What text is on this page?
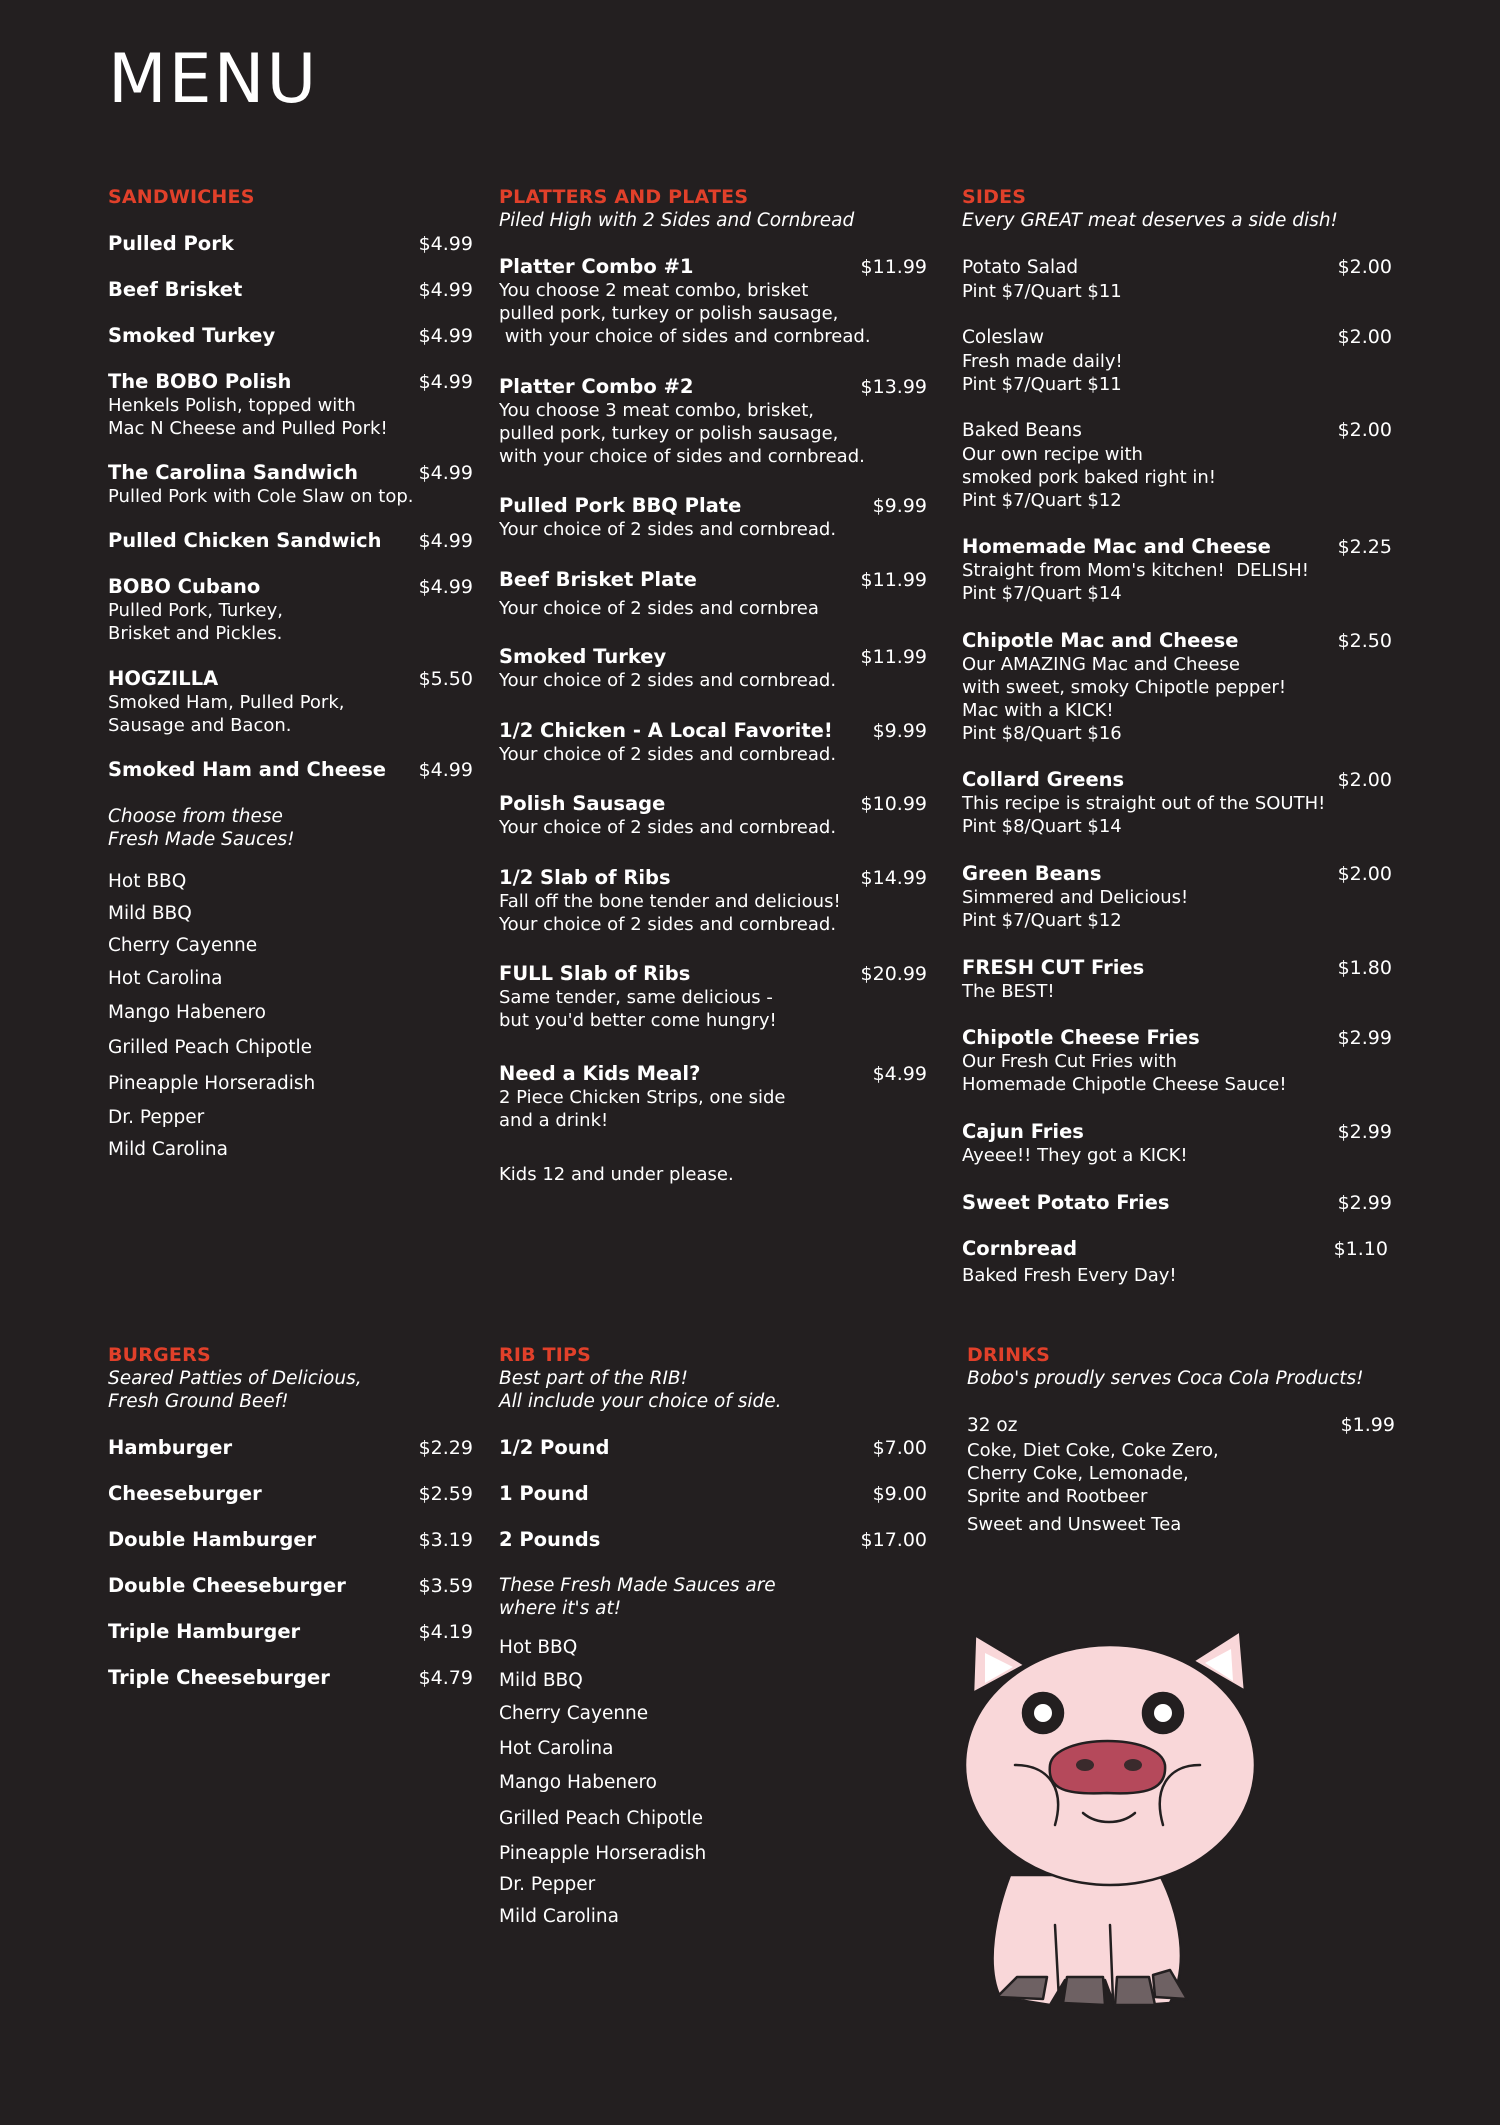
MENU
SANDWICHES
Pulled Pork	$4.99
Beef Brisket	$4.99
Smoked Turkey	$4.99
The BOBO Polish	$4.99
Henkels Polish, topped with
Mac N Cheese and Pulled Pork!
The Carolina Sandwich	$4.99
Pulled Pork with Cole Slaw on top.
Pulled Chicken Sandwich $4.99
BOBO Cubano	$4.99
Pulled Pork, Turkey,
Brisket and Pickles.
HOGZILLA	$5.50
Smoked Ham, Pulled Pork,
Sausage and Bacon.
Smoked Ham and Cheese $4.99
Choose from these
Fresh Made Sauces!
Hot BBQ
Mild BBQ
Cherry Cayenne
Hot Carolina
Mango Habenero
Grilled Peach Chipotle
Pineapple Horseradish
Dr. Pepper
Mild Carolina
PLATTERS AND PLATES
Piled High with 2 Sides and Cornbread
Platter Combo #1	$11.99
You choose 2 meat combo, brisket
pulled pork, turkey or polish sausage,
with your choice of sides and cornbread.
Platter Combo #2	$13.99
You choose 3 meat combo, brisket,
pulled pork, turkey or polish sausage,
with your choice of sides and cornbread.
Pulled Pork BBQ Plate	$9.99
Your choice of 2 sides and cornbread.
Beef Brisket Plate	$11.99
Your choice of 2 sides and cornbrea
Smoked Turkey	$11.99
Your choice of 2 sides and cornbread.
1/2 Chicken - A Local Favorite! $9.99
Your choice of 2 sides and cornbread.
Polish Sausage	$10.99
Your choice of 2 sides and cornbread.
1/2 Slab of Ribs	$14.99
Fall off the bone tender and delicious!
Your choice of 2 sides and cornbread.
FULL Slab of Ribs	$20.99
Same tender, same delicious -
but you'd better come hungry!
Need a Kids Meal?	$4.99
2 Piece Chicken Strips, one side
and a drink!
Kids 12 and under please.
SIDES
Every GREAT meat deserves a side dish!
Potato Salad	$2.00
Pint $7/Quart $11
Coleslaw	$2.00
Fresh made daily!
Pint $7/Quart $11
Baked Beans	$2.00
Our own recipe with
smoked pork baked right in!
Pint $7/Quart $12
Homemade Mac and Cheese	$2.25
Straight from Mom's kitchen!  DELISH!
Pint $7/Quart $14
Chipotle Mac and Cheese	$2.50
Our AMAZING Mac and Cheese
with sweet, smoky Chipotle pepper!
Mac with a KICK!
Pint $8/Quart $16
Collard Greens	$2.00
This recipe is straight out of the SOUTH!
Pint $8/Quart $14
Green Beans	$2.00
Simmered and Delicious!
Pint $7/Quart $12
FRESH CUT Fries	$1.80
The BEST!
Chipotle Cheese Fries	$2.99
Our Fresh Cut Fries with
Homemade Chipotle Cheese Sauce!
Cajun Fries	$2.99
Ayeee!! They got a KICK!
Sweet Potato Fries	$2.99
Cornbread	$1.10
Baked Fresh Every Day!
BURGERS
Seared Patties of Delicious,
Fresh Ground Beef!
Hamburger	$2.29
Cheeseburger	$2.59
Double Hamburger	$3.19
Double Cheeseburger	$3.59
Triple Hamburger	$4.19
Triple Cheeseburger	$4.79
RIB TIPS
Best part of the RIB!
All include your choice of side.
1/2 Pound	$7.00
1 Pound	$9.00
2 Pounds	$17.00
These Fresh Made Sauces are
where it's at!
Hot BBQ
Mild BBQ
Cherry Cayenne
Hot Carolina
Mango Habenero
Grilled Peach Chipotle
Pineapple Horseradish
Dr. Pepper
Mild Carolina
DRINKS
Bobo's proudly serves Coca Cola Products!
32 oz	$1.99
Coke, Diet Coke, Coke Zero,
Cherry Coke, Lemonade,
Sprite and Rootbeer
Sweet and Unsweet Tea
